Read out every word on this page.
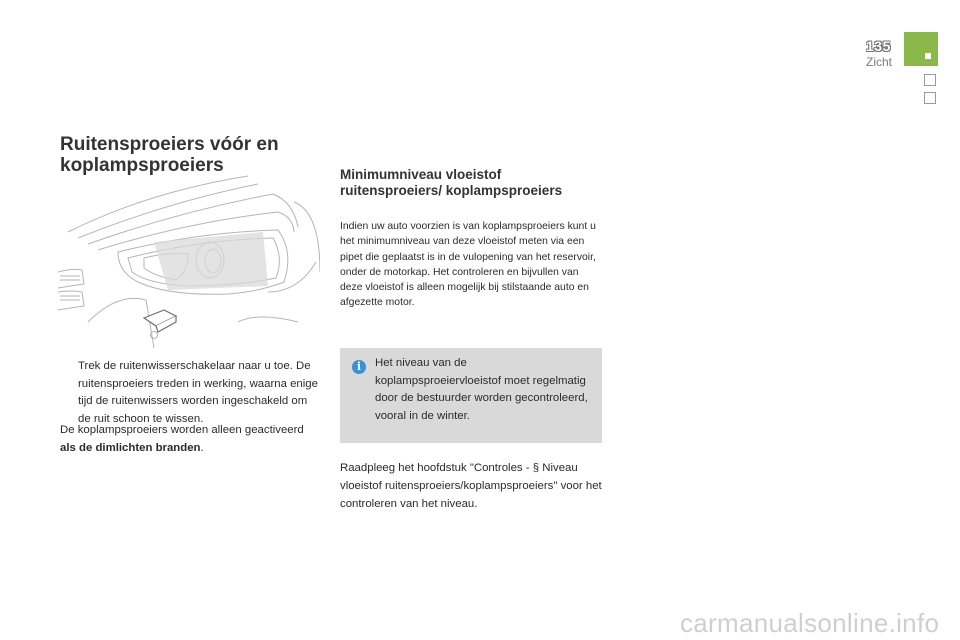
135
Zicht
Ruitensproeiers vóór en koplampsproeiers
Trek de ruitenwisserschakelaar naar u toe. De ruitensproeiers treden in werking, waarna enige tijd de ruitenwissers worden ingeschakeld om de ruit schoon te wissen.
De koplampsproeiers worden alleen geactiveerd als de dimlichten branden.
Minimumniveau vloeistof ruitensproeiers/ koplampsproeiers
Indien uw auto voorzien is van koplampsproeiers kunt u het minimumniveau van deze vloeistof meten via een pipet die geplaatst is in de vulopening van het reservoir, onder de motorkap. Het controleren en bijvullen van deze vloeistof is alleen mogelijk bij stilstaande auto en afgezette motor.
i	Het niveau van de koplampsproeiervloeistof moet regelmatig door de bestuurder worden gecontroleerd, vooral in de winter.
Raadpleeg het hoofdstuk "Controles - § Niveau vloeistof ruitensproeiers/koplampsproeiers" voor het controleren van het niveau.
carmanualsonline.info
